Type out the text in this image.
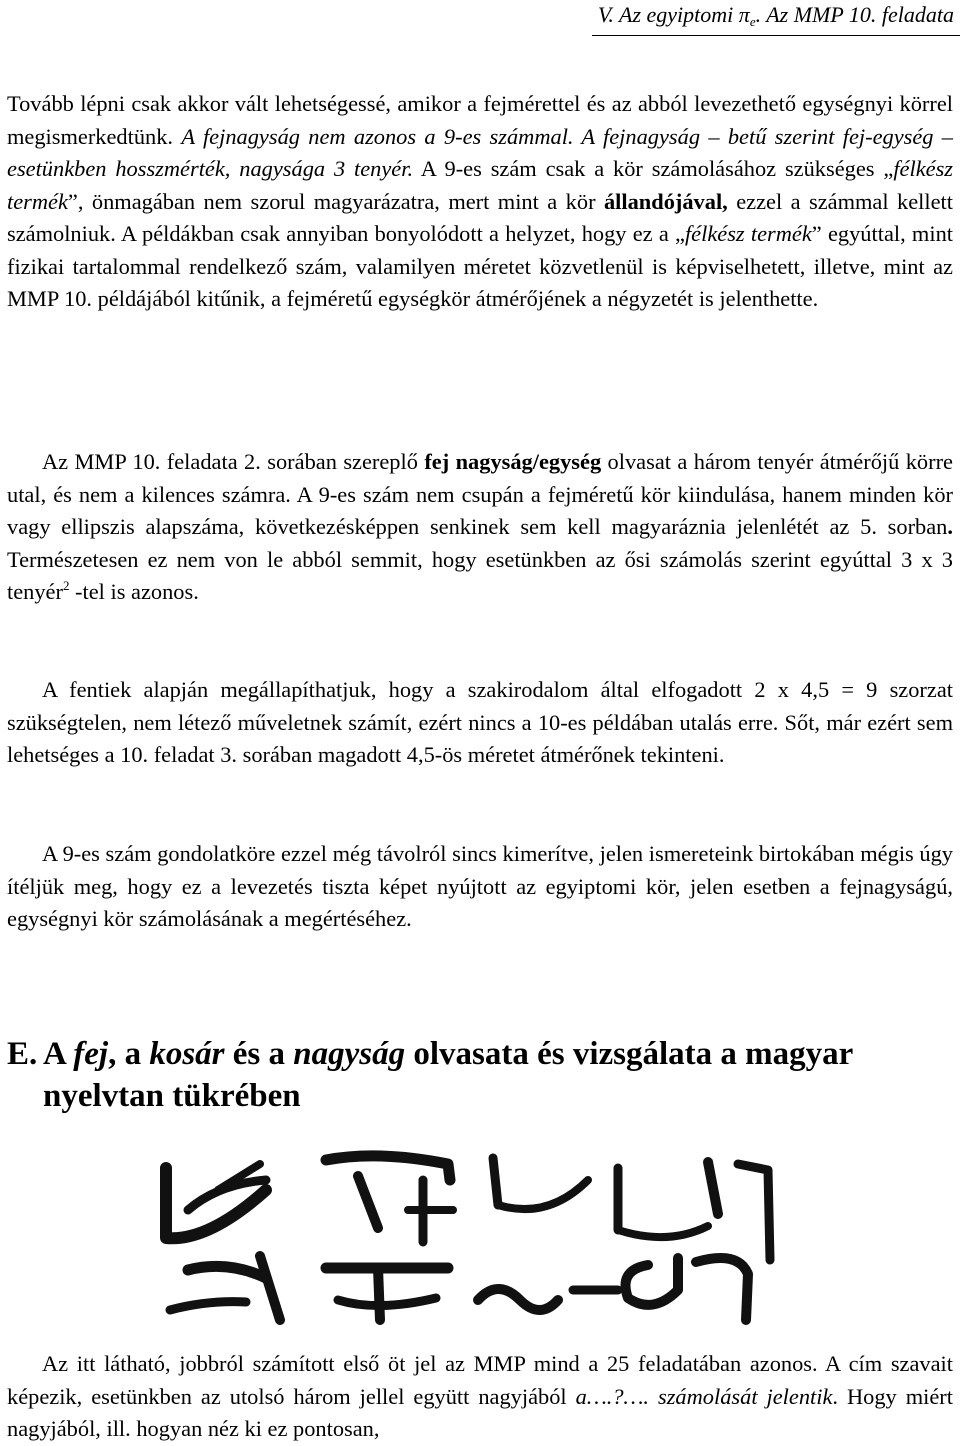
V. Az egyiptomi πe. Az MMP 10. feladata

Tovább lépni csak akkor vált lehetségessé, amikor a fejmérettel és az abból levezethető egységnyi körrel megismerkedtünk. A fejnagyság nem azonos a 9-es számmal. A fejnagyság – betű szerint fej-egység – esetünkben hosszmérték, nagysága 3 tenyér. A 9-es szám csak a kör számolásához szükséges „félkész termék”, önmagában nem szorul magyarázatra, mert mint a kör állandójával, ezzel a számmal kellett számolniuk. A példákban csak annyiban bonyolódott a helyzet, hogy ez a „félkész termék” egyúttal, mint fizikai tartalommal rendelkező szám, valamilyen méretet közvetlenül is képviselhetett, illetve, mint az MMP 10. példájából kitűnik, a fejméretű egységkör átmérőjének a négyzetét is jelenthette.

Az MMP 10. feladata 2. sorában szereplő fej nagyság/egység olvasat a három tenyér átmérőjű körre utal, és nem a kilences számra. A 9-es szám nem csupán a fejméretű kör kiindulása, hanem minden kör vagy ellipszis alapszáma, következésképpen senkinek sem kell magyaráznia jelenlétét az 5. sorban. Természetesen ez nem von le abból semmit, hogy esetünkben az ősi számolás szerint egyúttal 3 x 3 tenyér$^2$ -tel is azonos.

A fentiek alapján megállapíthatjuk, hogy a szakirodalom által elfogadott 2 x 4,5 = 9 szorzat szükségtelen, nem létező műveletnek számít, ezért nincs a 10-es példában utalás erre. Sőt, már ezért sem lehetséges a 10. feladat 3. sorában magadott 4,5-ös méretet átmérőnek tekinteni.

A 9-es szám gondolatköre ezzel még távolról sincs kimerítve, jelen ismereteink birtokában mégis úgy ítéljük meg, hogy ez a levezetés tiszta képet nyújtott az egyiptomi kör, jelen esetben a fejnagyságú, egységnyi kör számolásának a megértéséhez.

E. A fej, a kosár és a nagyság olvasata és vizsgálata a magyar
nyelvtan tükrében

Az itt látható, jobbról számított első öt jel az MMP mind a 25 feladatában azonos. A cím szavait képezik, esetünkben az utolsó három jellel együtt nagyjából a….?…. számolását jelentik. Hogy miért nagyjából, ill. hogyan néz ki ez pontosan,
